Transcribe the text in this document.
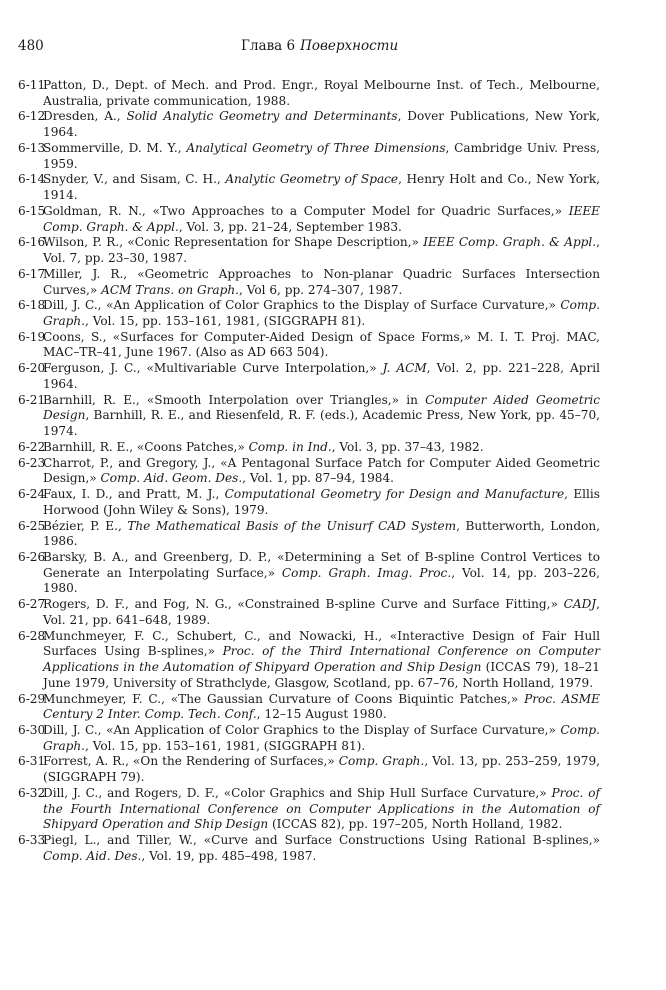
480	Глава 6 Поверхности
6-11
Patton, D., Dept. of Mech. and Prod. Engr., Royal Melbourne Inst. of Tech., Melbourne, Australia, private communication, 1988.
6-12
Dresden, A., Solid Analytic Geometry and Determinants, Dover Publications, New York, 1964.
6-13
Sommerville, D. M. Y., Analytical Geometry of Three Dimensions, Cambridge Univ. Press, 1959.
6-14
Snyder, V., and Sisam, C. H., Analytic Geometry of Space, Henry Holt and Co., New York, 1914.
6-15
Goldman, R. N., «Two Approaches to a Computer Model for Quadric Surfaces,» IEEE Comp. Graph. & Appl., Vol. 3, pp. 21–24, September 1983.
6-16
Wilson, P. R., «Conic Representation for Shape Description,» IEEE Comp. Graph. & Appl., Vol. 7, pp. 23–30, 1987.
6-17
Miller, J. R., «Geometric Approaches to Non-planar Quadric Surfaces Intersection Curves,» ACM Trans. on Graph., Vol 6, pp. 274–307, 1987.
6-18
Dill, J. C., «An Application of Color Graphics to the Display of Surface Curvature,» Comp. Graph., Vol. 15, pp. 153–161, 1981, (SIGGRAPH 81).
6-19
Coons, S., «Surfaces for Computer-Aided Design of Space Forms,» M. I. T. Proj. MAC, MAC–TR–41, June 1967. (Also as AD 663 504).
6-20
Ferguson, J. C., «Multivariable Curve Interpolation,» J. ACM, Vol. 2, pp. 221–228, April 1964.
6-21
Barnhill, R. E., «Smooth Interpolation over Triangles,» in Computer Aided Geometric Design, Barnhill, R. E., and Riesenfeld, R. F. (eds.), Academic Press, New York, pp. 45–70, 1974.
6-22
Barnhill, R. E., «Coons Patches,» Comp. in Ind., Vol. 3, pp. 37–43, 1982.
6-23
Charrot, P., and Gregory, J., «A Pentagonal Surface Patch for Computer Aided Geometric Design,» Comp. Aid. Geom. Des., Vol. 1, pp. 87–94, 1984.
6-24
Faux, I. D., and Pratt, M. J., Computational Geometry for Design and Manufacture, Ellis Horwood (John Wiley & Sons), 1979.
6-25
Bézier, P. E., The Mathematical Basis of the Unisurf CAD System, Butterworth, London, 1986.
6-26
Barsky, B. A., and Greenberg, D. P., «Determining a Set of B-spline Control Vertices to Generate an Interpolating Surface,» Comp. Graph. Imag. Proc., Vol. 14, pp. 203–226, 1980.
6-27
Rogers, D. F., and Fog, N. G., «Constrained B-spline Curve and Surface Fitting,» CADJ, Vol. 21, pp. 641–648, 1989.
6-28
Munchmeyer, F. C., Schubert, C., and Nowacki, H., «Interactive Design of Fair Hull Surfaces Using B-splines,» Proc. of the Third International Conference on Computer Applications in the Automation of Shipyard Operation and Ship Design (ICCAS 79), 18–21 June 1979, University of Strathclyde, Glasgow, Scotland, pp. 67–76, North Holland, 1979.
6-29
Munchmeyer, F. C., «The Gaussian Curvature of Coons Biquintic Patches,» Proc. ASME Century 2 Inter. Comp. Tech. Conf., 12–15 August 1980.
6-30
Dill, J. C., «An Application of Color Graphics to the Display of Surface Curvature,» Comp. Graph., Vol. 15, pp. 153–161, 1981, (SIGGRAPH 81).
6-31
Forrest, A. R., «On the Rendering of Surfaces,» Comp. Graph., Vol. 13, pp. 253–259, 1979, (SIGGRAPH 79).
6-32
Dill, J. C., and Rogers, D. F., «Color Graphics and Ship Hull Surface Curvature,» Proc. of the Fourth International Conference on Computer Applications in the Automation of Shipyard Operation and Ship Design (ICCAS 82), pp. 197–205, North Holland, 1982.
6-33
Piegl, L., and Tiller, W., «Curve and Surface Constructions Using Rational B-splines,» Comp. Aid. Des., Vol. 19, pp. 485–498, 1987.
